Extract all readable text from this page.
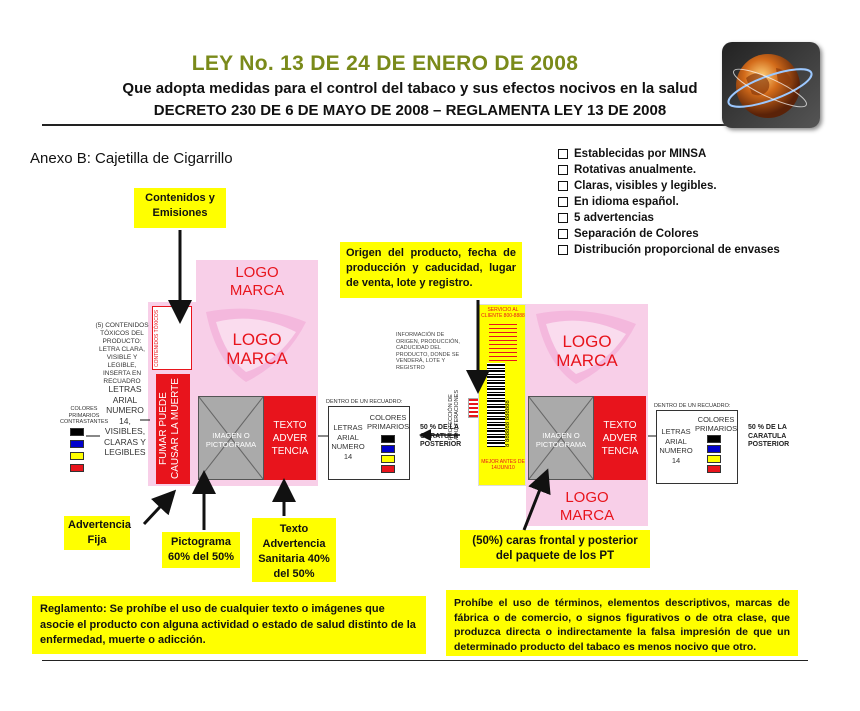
LEY No. 13 DE 24 DE ENERO DE 2008
Que adopta medidas para el control del tabaco y sus efectos nocivos en la salud
DECRETO 230 DE 6 DE MAYO DE 2008 – REGLAMENTA LEY 13 DE 2008
Anexo B: Cajetilla de Cigarrillo	Establecidas por MINSA
Rotativas anualmente.
Claras, visibles y legibles.
En idioma español.
5 advertencias
Separación de Colores
Distribución proporcional de envases
Contenidos y Emisiones
Origen del producto, fecha de producción y caducidad, lugar de venta, lote y registro.
LOGO
MARCA
CONTENIDOS TÓXICOS
FUMAR PUEDE CAUSAR LA MUERTE
LOGO
MARCA
IMAGEN O PICTOGRAMA
TEXTO ADVER TENCIA
(5) CONTENIDOS TÓXICOS DEL PRODUCTO: LETRA CLARA, VISIBLE Y LEGIBLE, INSERTA EN RECUADRO
LETRAS ARIAL NUMERO 14, VISIBLES, CLARAS Y LEGIBLES
COLORES PRIMARIOS CONTRASTANTES
DENTRO DE UN RECUADRO:
LETRAS ARIAL NUMERO 14
COLORES PRIMARIOS 50 % DE LA CARATULA POSTERIOR
INFORMACIÓN DE ORIGEN, PRODUCCIÓN, CADUCIDAD DEL PRODUCTO, DONDE SE VENDERÁ, LOTE Y REGISTRO
PROTECCIÓN DE ADULTERACIONES
SERVICIO AL CLIENTE 800-8888
8 888888 888888
MEJOR ANTES DE 14/JUN/10
LOGO
MARCA
IMAGEN O PICTOGRAMA
TEXTO ADVER TENCIA
LOGO
MARCA
DENTRO DE UN RECUADRO:
LETRAS ARIAL NUMERO 14
COLORES PRIMARIOS 50 % DE LA CARATULA POSTERIOR
Advertencia Fija	Pictograma 60% del 50%
Texto Advertencia Sanitaria 40% del 50%
(50%) caras frontal y posterior del paquete de los PT
Reglamento: Se prohíbe el uso de cualquier texto o imágenes que asocie el producto con alguna actividad o estado de salud distinto de la enfermedad, muerte o adicción.
Prohíbe el uso de términos, elementos descriptivos, marcas de fábrica o de comercio, o signos figurativos o de otra clase, que produzca directa o indirectamente la falsa impresión de que un determinado producto del tabaco es menos nocivo que otro.
